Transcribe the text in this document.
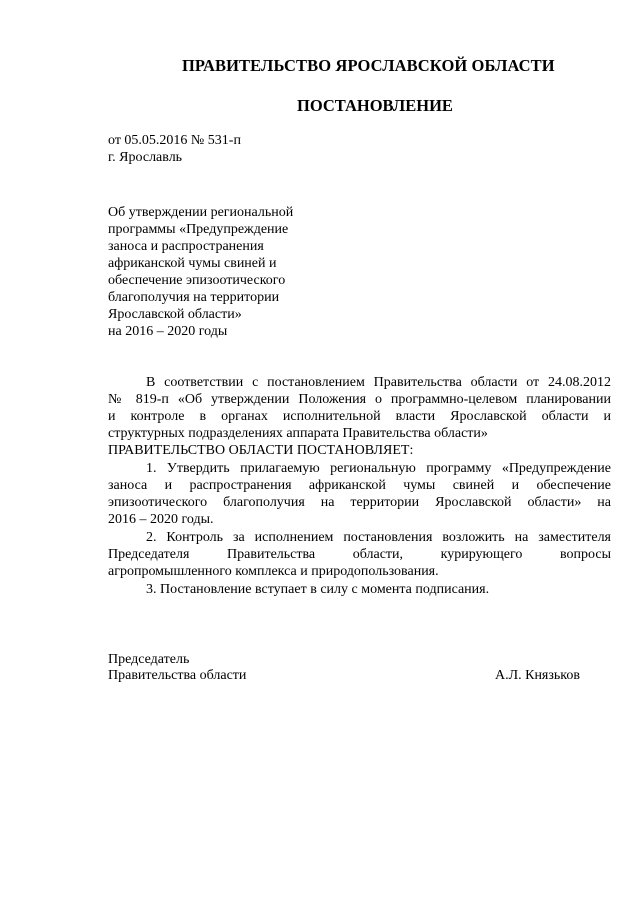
ПРАВИТЕЛЬСТВО ЯРОСЛАВСКОЙ ОБЛАСТИ
ПОСТАНОВЛЕНИЕ
от 05.05.2016 № 531-п
г. Ярославль
Об утверждении региональной
программы «Предупреждение
заноса и распространения
африканской чумы свиней и
обеспечение эпизоотического
благополучия на территории
Ярославской области»
на 2016 – 2020 годы
В соответствии с постановлением Правительства области от 24.08.2012
№ 819-п «Об утверждении Положения о программно-целевом планировании
и контроле в органах исполнительной власти Ярославской области и
структурных подразделениях аппарата Правительства области»
ПРАВИТЕЛЬСТВО ОБЛАСТИ ПОСТАНОВЛЯЕТ:
1. Утвердить прилагаемую региональную программу «Предупреждение
заноса и распространения африканской чумы свиней и обеспечение
эпизоотического благополучия на территории Ярославской области» на
2016 – 2020 годы.
2. Контроль за исполнением постановления возложить на заместителя
Председателя Правительства области, курирующего вопросы
агропромышленного комплекса и природопользования.
3. Постановление вступает в силу с момента подписания.
Председатель
Правительства области	А.Л. Князьков
